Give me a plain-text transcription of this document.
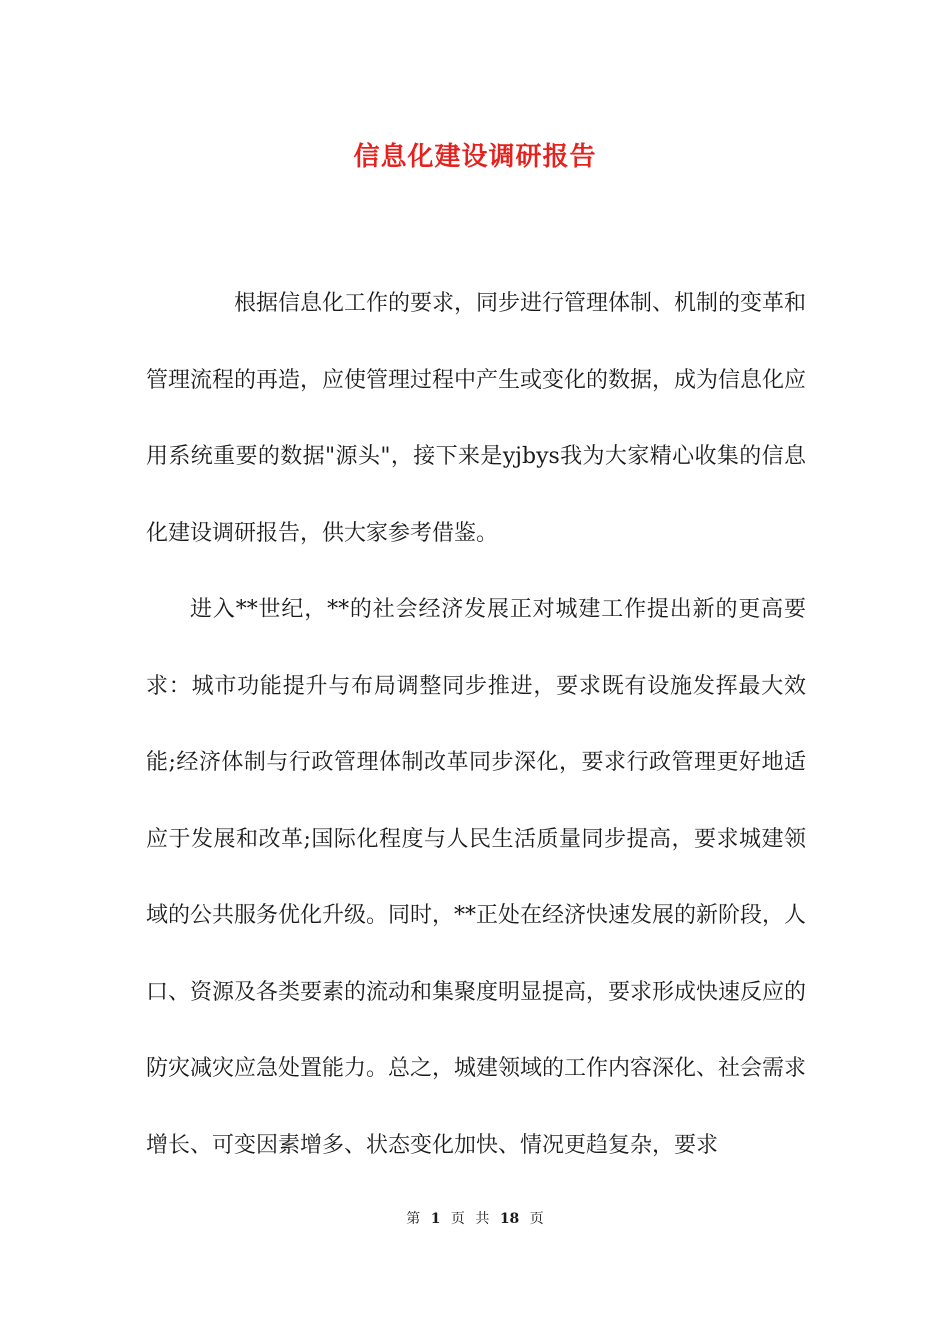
信息化建设调研报告

根据信息化工作的要求，同步进行管理体制、机制的变革和管理流程的再造，应使管理过程中产生或变化的数据，成为信息化应用系统重要的数据"源头"，接下来是yjbys我为大家精心收集的信息化建设调研报告，供大家参考借鉴。

进入**世纪，**的社会经济发展正对城建工作提出新的更高要求：城市功能提升与布局调整同步推进，要求既有设施发挥最大效能;经济体制与行政管理体制改革同步深化，要求行政管理更好地适应于发展和改革;国际化程度与人民生活质量同步提高，要求城建领域的公共服务优化升级。同时，**正处在经济快速发展的新阶段，人口、资源及各类要素的流动和集聚度明显提高，要求形成快速反应的防灾减灾应急处置能力。总之，城建领域的工作内容深化、社会需求增长、可变因素增多、状态变化加快、情况更趋复杂，要求

第 1 页 共 18 页
